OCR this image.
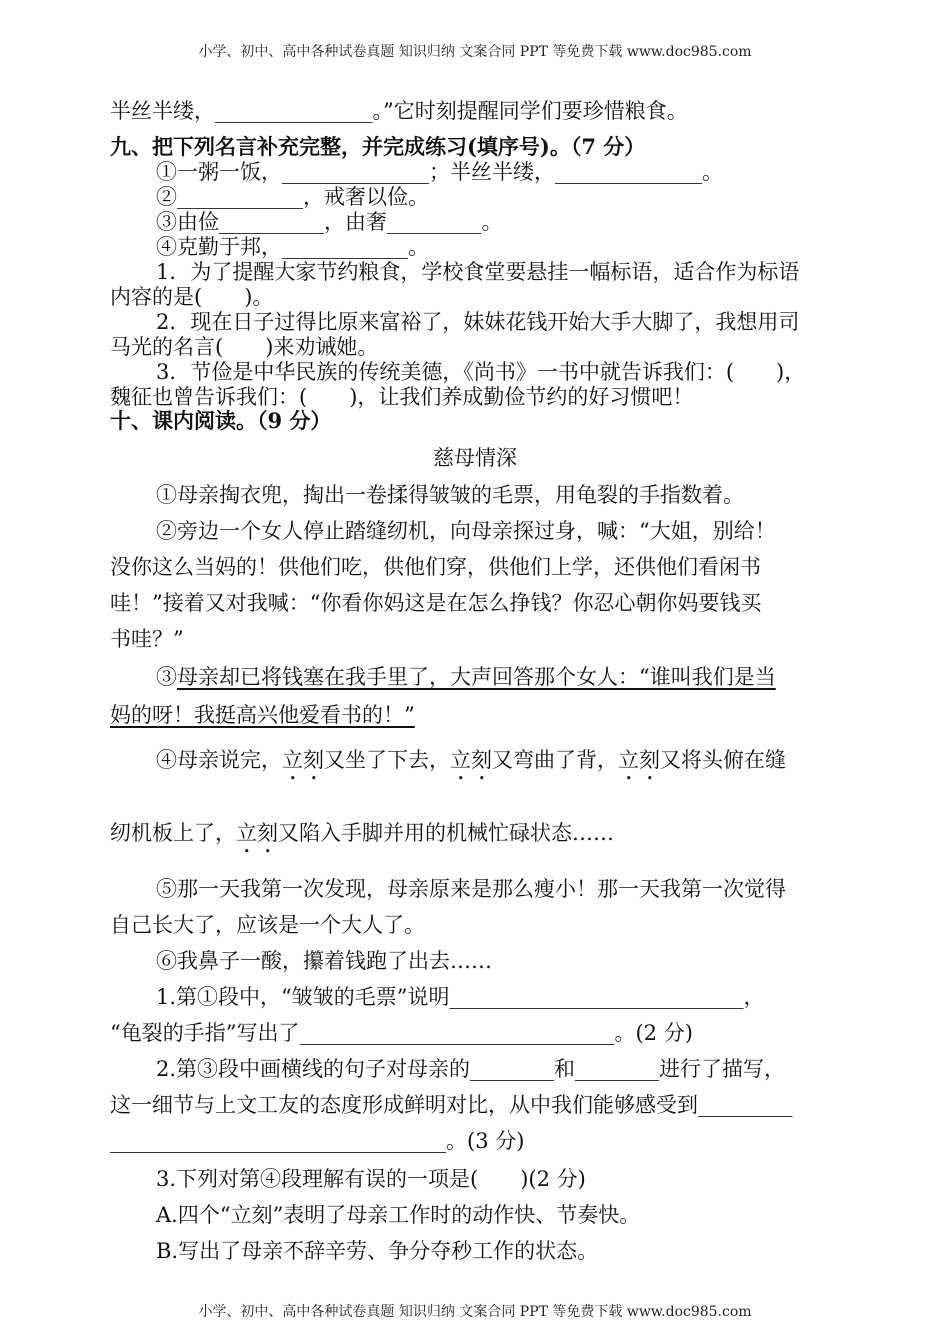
小学、初中、高中各种试卷真题 知识归纳 文案合同 PPT 等免费下载 www.doc985.com
半丝半缕，_______________。”它时刻提醒同学们要珍惜粮食。
九、把下列名言补充完整，并完成练习(填序号)。（7 分）
①一粥一饭，______________；半丝半缕，______________。
②____________，戒奢以俭。
③由俭__________，由奢_________。
④克勤于邦，____________。
1．为了提醒大家节约粮食，学校食堂要悬挂一幅标语，适合作为标语
内容的是(　　)。
2．现在日子过得比原来富裕了，妹妹花钱开始大手大脚了，我想用司
马光的名言(　　)来劝诫她。
3．节俭是中华民族的传统美德，《尚书》一书中就告诉我们：(　　)，
魏征也曾告诉我们：(　　)，让我们养成勤俭节约的好习惯吧！
十、课内阅读。（9 分）
慈母情深
①母亲掏衣兜，掏出一卷揉得皱皱的毛票，用龟裂的手指数着。
②旁边一个女人停止踏缝纫机，向母亲探过身，喊：“大姐，别给！
没你这么当妈的！供他们吃，供他们穿，供他们上学，还供他们看闲书
哇！”接着又对我喊：“你看你妈这是在怎么挣钱？你忍心朝你妈要钱买
书哇？”
③母亲却已将钱塞在我手里了，大声回答那个女人：“谁叫我们是当
妈的呀！我挺高兴他爱看书的！”
④母亲说完，立刻又坐了下去，立刻又弯曲了背，立刻又将头俯在缝
纫机板上了，立刻又陷入手脚并用的机械忙碌状态……
⑤那一天我第一次发现，母亲原来是那么瘦小！那一天我第一次觉得
自己长大了，应该是一个大人了。
⑥我鼻子一酸，攥着钱跑了出去……
1.第①段中，“皱皱的毛票”说明____________________________，
“龟裂的手指”写出了______________________________。(2 分)
2.第③段中画横线的句子对母亲的________和________进行了描写，
这一细节与上文工友的态度形成鲜明对比，从中我们能够感受到_________
________________________________。(3 分)
3.下列对第④段理解有误的一项是(　　)(2 分)
A.四个“立刻”表明了母亲工作时的动作快、节奏快。
B.写出了母亲不辞辛劳、争分夺秒工作的状态。
小学、初中、高中各种试卷真题 知识归纳 文案合同 PPT 等免费下载 www.doc985.com
